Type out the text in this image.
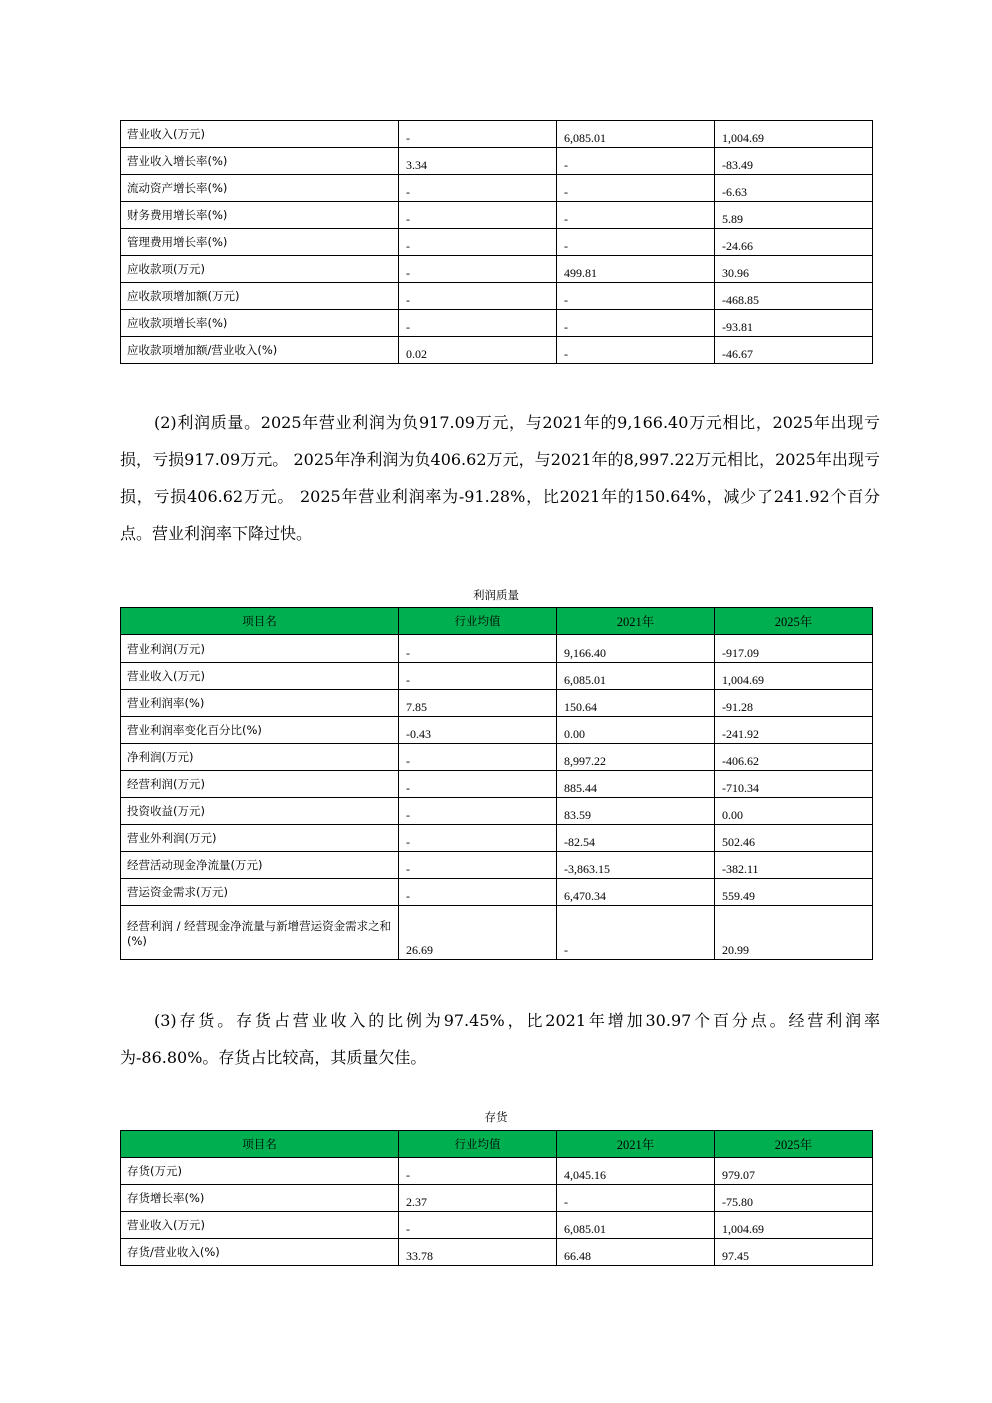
营业收入(万元)	-	6,085.01	1,004.69
营业收入增长率(%)	3.34	-	-83.49
流动资产增长率(%)	-	-	-6.63
财务费用增长率(%)	-	-	5.89
管理费用增长率(%)	-	-	-24.66
应收款项(万元)	-	499.81	30.96
应收款项增加额(万元)	-	-	-468.85
应收款项增长率(%)	-	-	-93.81
应收款项增加额/营业收入(%)	0.02	-	-46.67

(2)利润质量。2025年营业利润为负917.09万元，与2021年的9,166.40万元相比，2025年出现亏损，亏损917.09万元。 2025年净利润为负406.62万元，与2021年的8,997.22万元相比，2025年出现亏损，亏损406.62万元。 2025年营业利润率为-91.28%，比2021年的150.64%，减少了241.92个百分点。营业利润率下降过快。

利润质量
项目名	行业均值	2021年	2025年
营业利润(万元)	-	9,166.40	-917.09
营业收入(万元)	-	6,085.01	1,004.69
营业利润率(%)	7.85	150.64	-91.28
营业利润率变化百分比(%)	-0.43	0.00	-241.92
净利润(万元)	-	8,997.22	-406.62
经营利润(万元)	-	885.44	-710.34
投资收益(万元)	-	83.59	0.00
营业外利润(万元)	-	-82.54	502.46
经营活动现金净流量(万元)	-	-3,863.15	-382.11
营运资金需求(万元)	-	6,470.34	559.49
经营利润 / 经营现金净流量与新增营运资金需求之和(%)	26.69	-	20.99

(3)存货。存货占营业收入的比例为97.45%，比2021年增加30.97个百分点。经营利润率为-86.80%。存货占比较高，其质量欠佳。

存货
项目名	行业均值	2021年	2025年
存货(万元)	-	4,045.16	979.07
存货增长率(%)	2.37	-	-75.80
营业收入(万元)	-	6,085.01	1,004.69
存货/营业收入(%)	33.78	66.48	97.45
